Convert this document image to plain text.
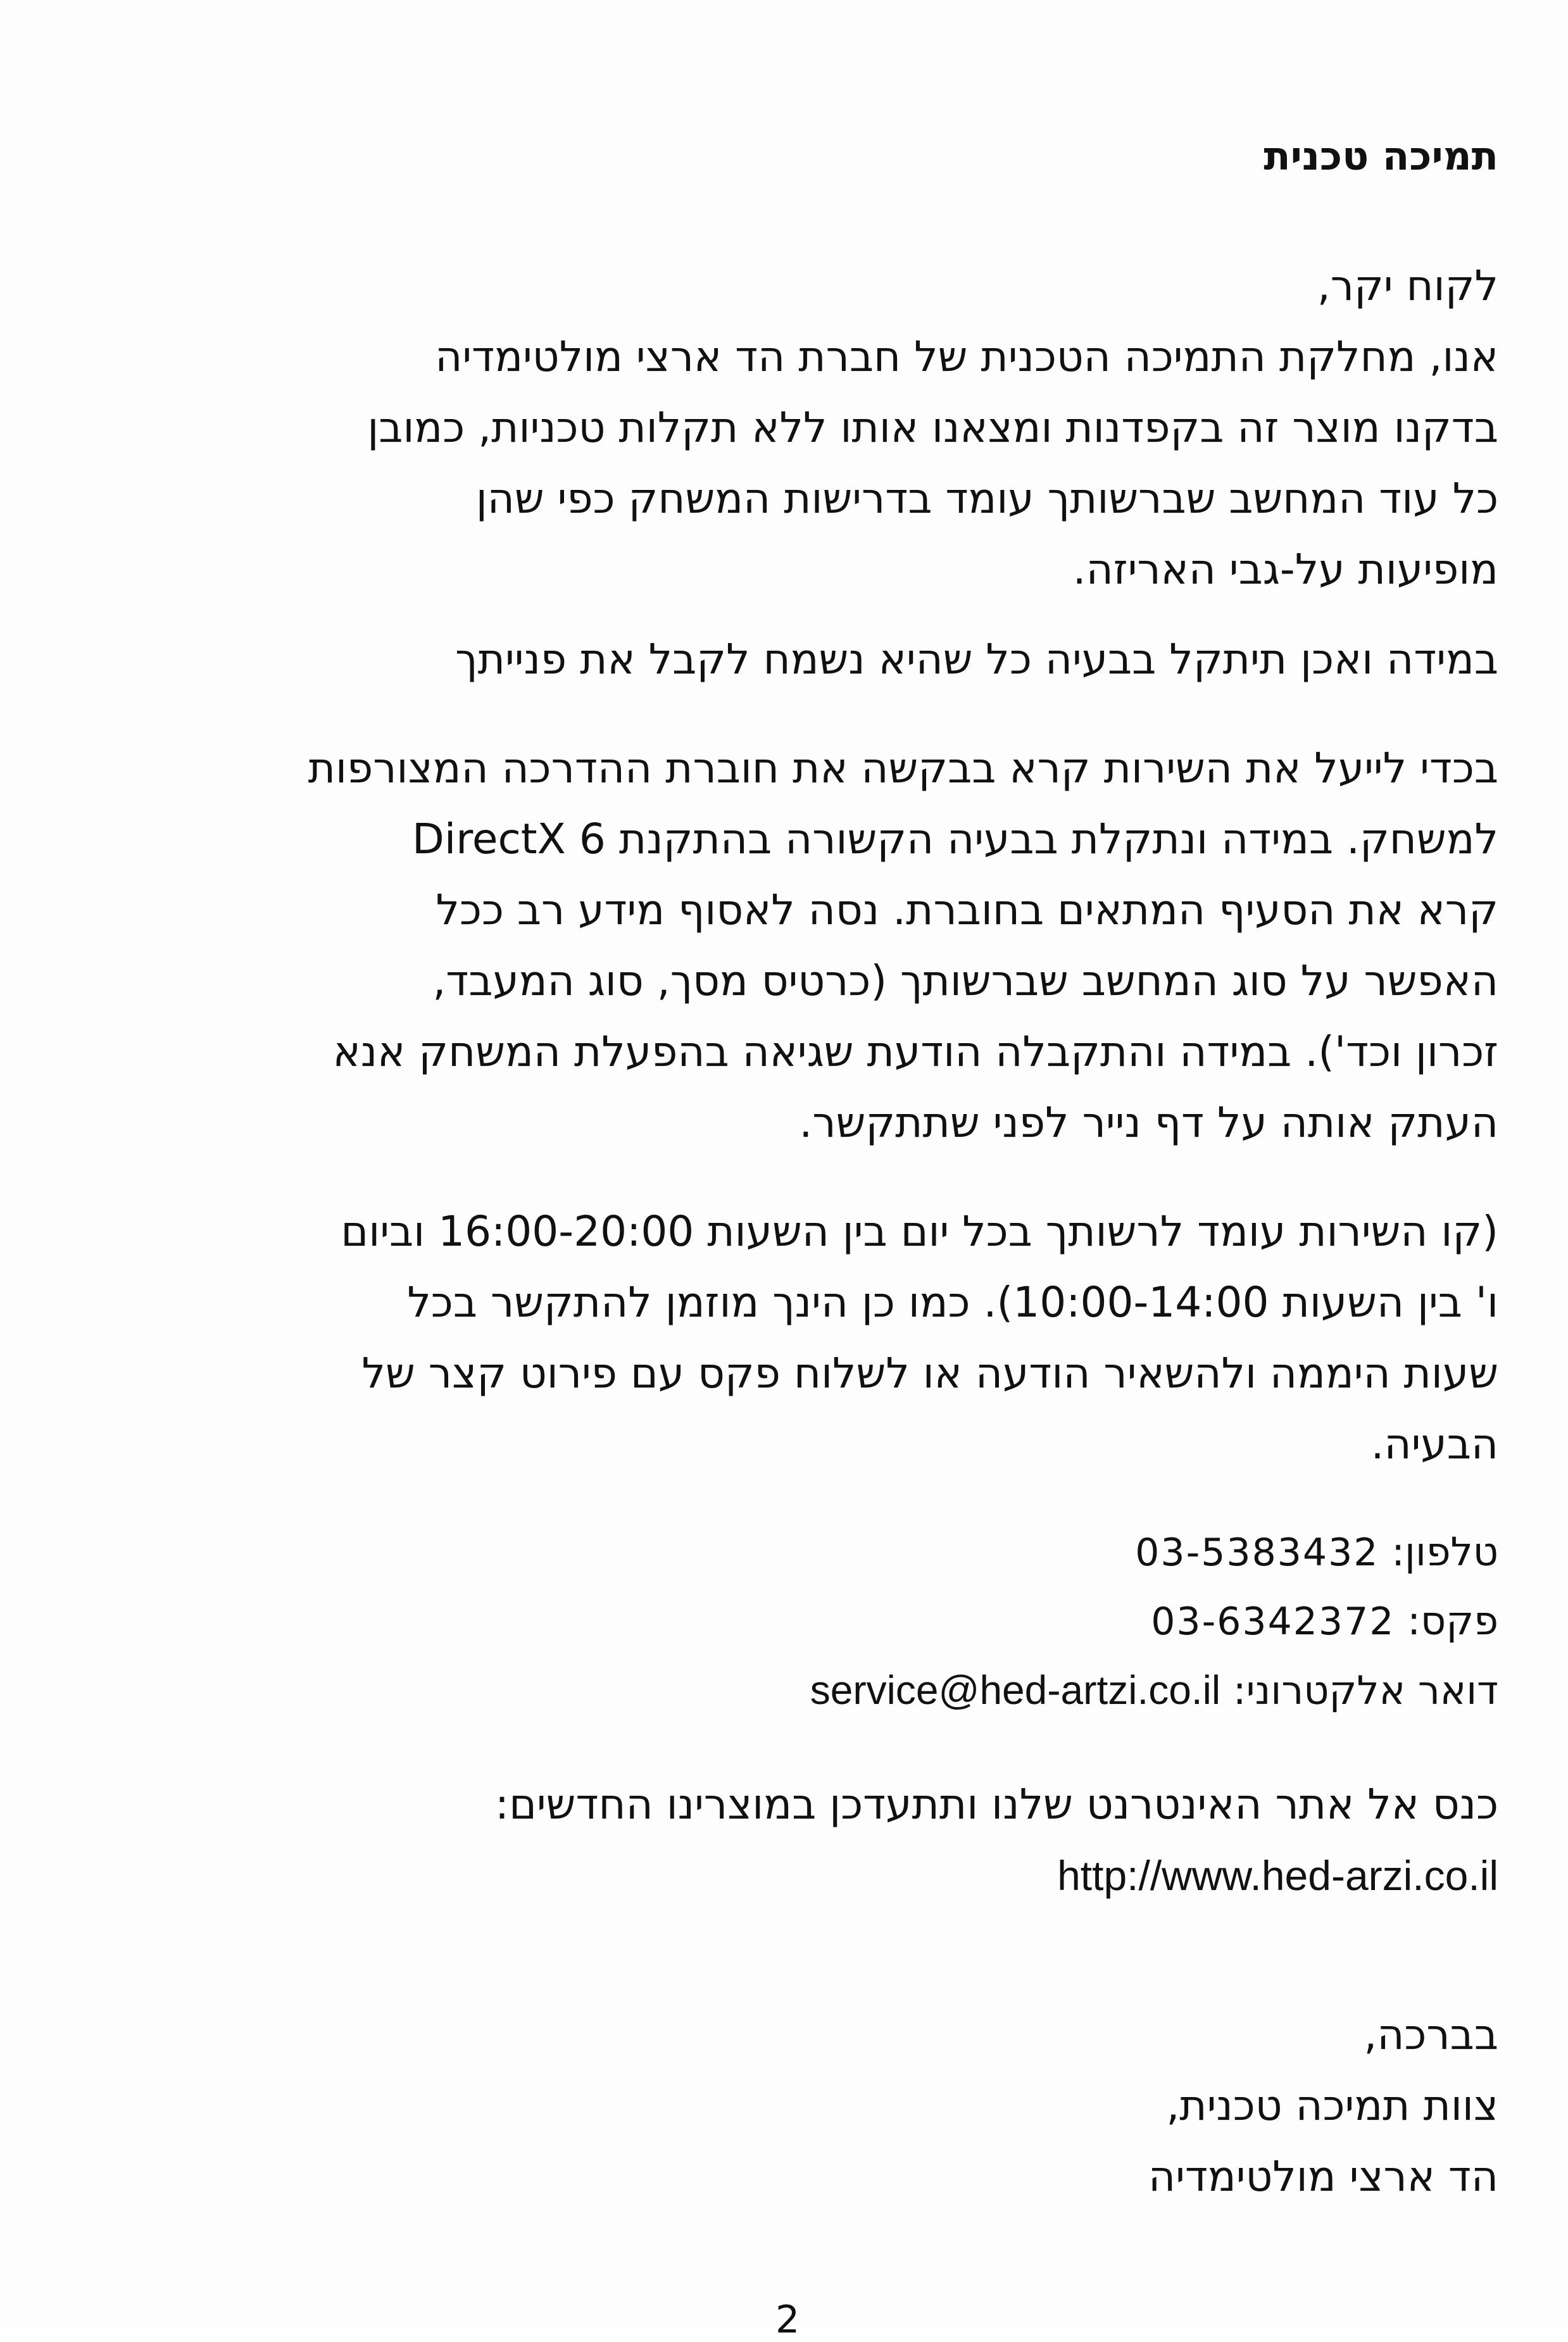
תמיכה טכנית
לקוח יקר,
אנו, מחלקת התמיכה הטכנית של חברת הד ארצי מולטימדיה
בדקנו מוצר זה בקפדנות ומצאנו אותו ללא תקלות טכניות, כמובן
כל עוד המחשב שברשותך עומד בדרישות המשחק כפי שהן
מופיעות על-גבי האריזה.
במידה ואכן תיתקל בבעיה כל שהיא נשמח לקבל את פנייתך
בכדי לייעל את השירות קרא בבקשה את חוברת ההדרכה המצורפות
למשחק. במידה ונתקלת בבעיה הקשורה בהתקנת DirectX 6
קרא את הסעיף המתאים בחוברת. נסה לאסוף מידע רב ככל
האפשר על סוג המחשב שברשותך (כרטיס מסך, סוג המעבד,
זכרון וכד'). במידה והתקבלה הודעת שגיאה בהפעלת המשחק אנא
העתק אותה על דף נייר לפני שתתקשר.
(קו השירות עומד לרשותך בכל יום בין השעות 16:00-20:00 וביום
ו' בין השעות 10:00-14:00). כמו כן הינך מוזמן להתקשר בכל
שעות היממה ולהשאיר הודעה או לשלוח פקס עם פירוט קצר של
הבעיה.
טלפון: 03-5383432
פקס: 03-6342372
דואר אלקטרוני: service@hed-artzi.co.il
כנס אל אתר האינטרנט שלנו ותתעדכן במוצרינו החדשים:
http://www.hed-arzi.co.il
בברכה,
צוות תמיכה טכנית,
הד ארצי מולטימדיה
2
